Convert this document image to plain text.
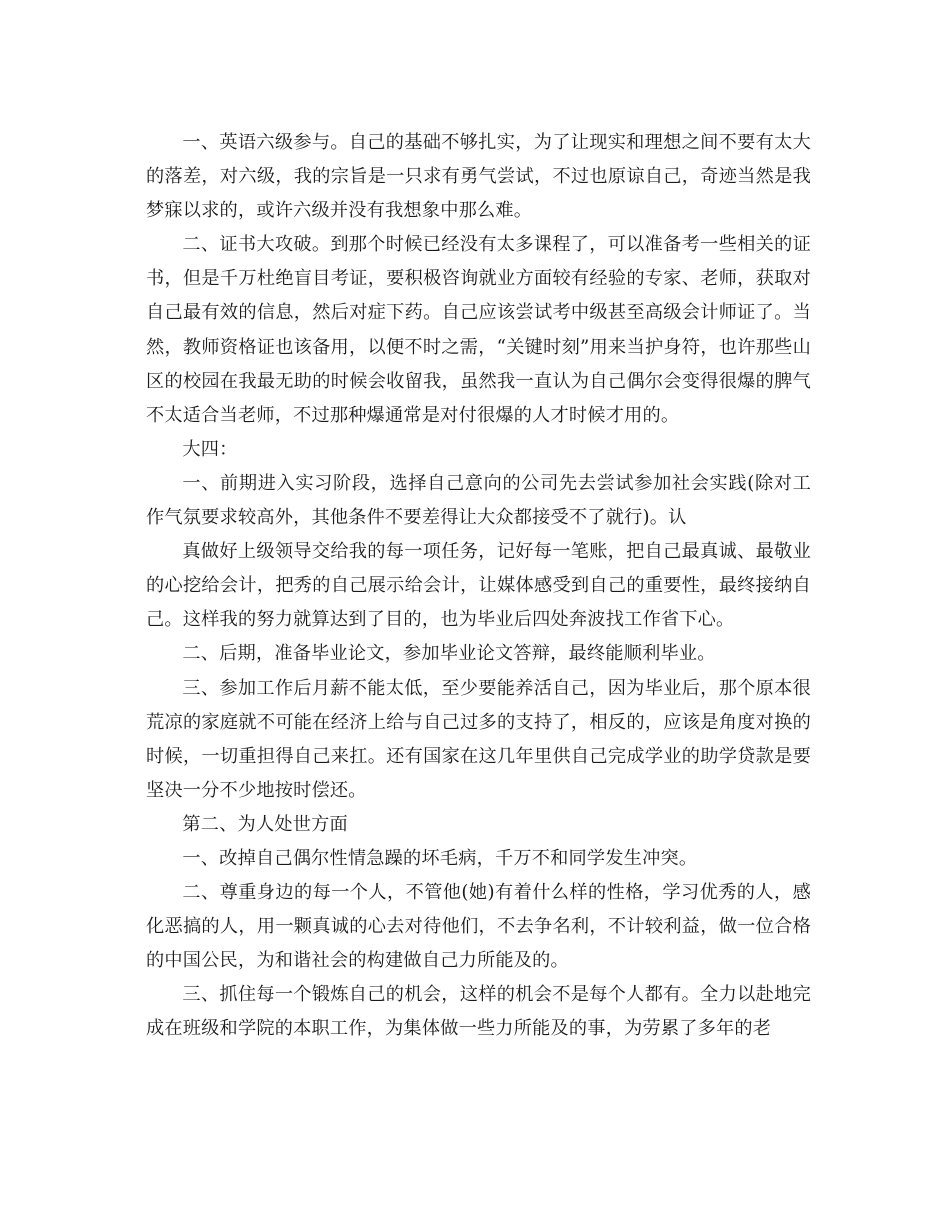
一、英语六级参与。自己的基础不够扎实，为了让现实和理想之间不要有太大的落差，对六级，我的宗旨是一只求有勇气尝试，不过也原谅自己，奇迹当然是我梦寐以求的，或许六级并没有我想象中那么难。

二、证书大攻破。到那个时候已经没有太多课程了，可以准备考一些相关的证书，但是千万杜绝盲目考证，要积极咨询就业方面较有经验的专家、老师，获取对自己最有效的信息，然后对症下药。自己应该尝试考中级甚至高级会计师证了。当然，教师资格证也该备用，以便不时之需，“关键时刻”用来当护身符，也许那些山区的校园在我最无助的时候会收留我，虽然我一直认为自己偶尔会变得很爆的脾气不太适合当老师，不过那种爆通常是对付很爆的人才时候才用的。

大四：

一、前期进入实习阶段，选择自己意向的公司先去尝试参加社会实践(除对工作气氛要求较高外，其他条件不要差得让大众都接受不了就行)。认

真做好上级领导交给我的每一项任务，记好每一笔账，把自己最真诚、最敬业的心挖给会计，把秀的自己展示给会计，让媒体感受到自己的重要性，最终接纳自己。这样我的努力就算达到了目的，也为毕业后四处奔波找工作省下心。

二、后期，准备毕业论文，参加毕业论文答辩，最终能顺利毕业。

三、参加工作后月薪不能太低，至少要能养活自己，因为毕业后，那个原本很荒凉的家庭就不可能在经济上给与自己过多的支持了，相反的，应该是角度对换的时候，一切重担得自己来扛。还有国家在这几年里供自己完成学业的助学贷款是要坚决一分不少地按时偿还。

第二、为人处世方面

一、改掉自己偶尔性情急躁的坏毛病，千万不和同学发生冲突。

二、尊重身边的每一个人，不管他(她)有着什么样的性格，学习优秀的人，感化恶搞的人，用一颗真诚的心去对待他们，不去争名利，不计较利益，做一位合格的中国公民，为和谐社会的构建做自己力所能及的。

三、抓住每一个锻炼自己的机会，这样的机会不是每个人都有。全力以赴地完成在班级和学院的本职工作，为集体做一些力所能及的事，为劳累了多年的老
